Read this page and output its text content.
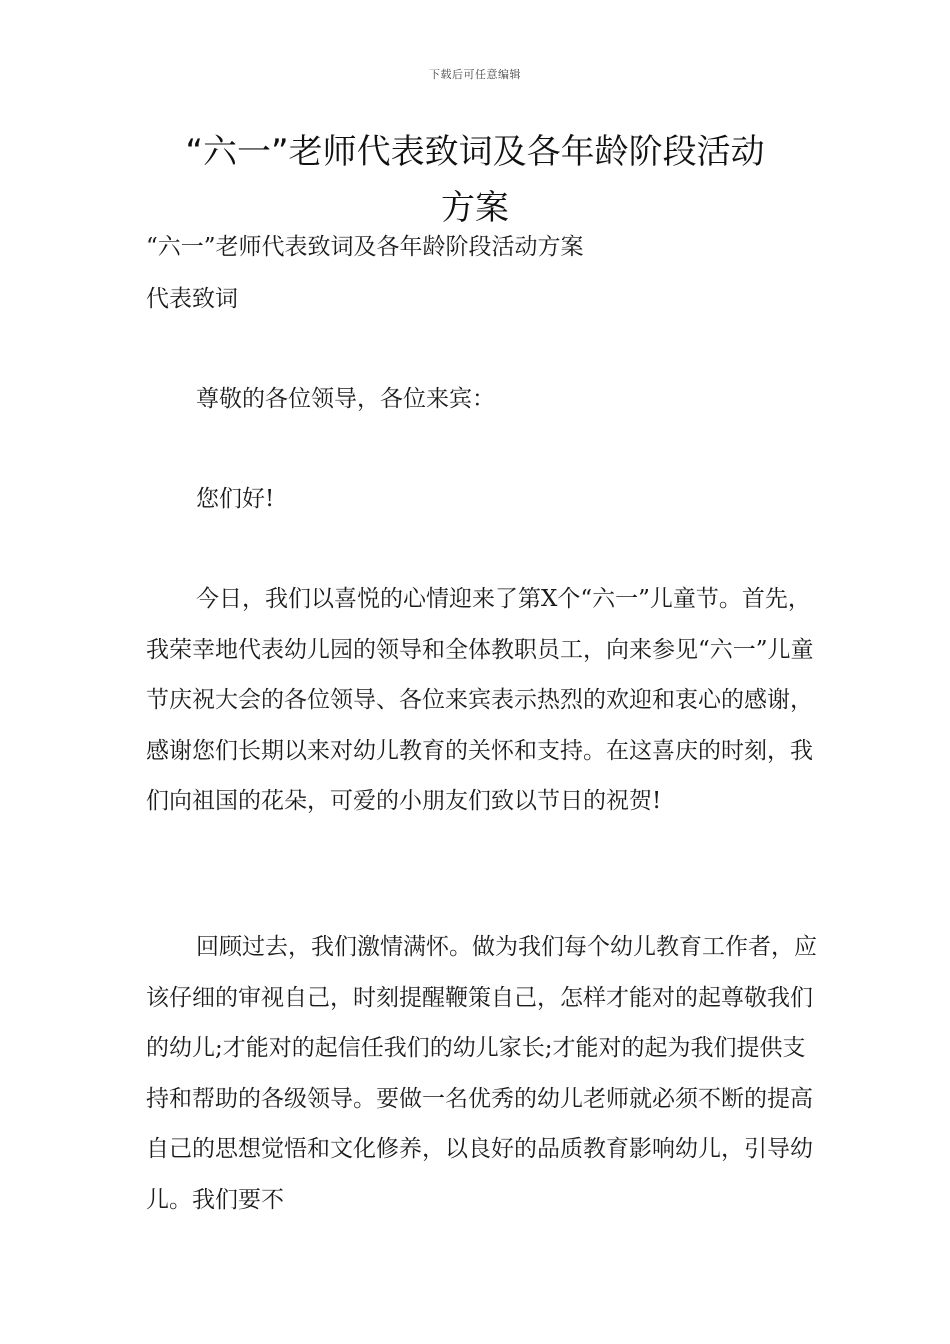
下载后可任意编辑
“六一”老师代表致词及各年龄阶段活动
方案
“六一”老师代表致词及各年龄阶段活动方案
代表致词

尊敬的各位领导，各位来宾：

您们好!

今日，我们以喜悦的心情迎来了第X个“六一”儿童节。首先，我荣幸地代表幼儿园的领导和全体教职员工，向来参见“六一”儿童节庆祝大会的各位领导、各位来宾表示热烈的欢迎和衷心的感谢，感谢您们长期以来对幼儿教育的关怀和支持。在这喜庆的时刻，我们向祖国的花朵，可爱的小朋友们致以节日的祝贺!

回顾过去，我们激情满怀。做为我们每个幼儿教育工作者，应该仔细的审视自己，时刻提醒鞭策自己，怎样才能对的起尊敬我们的幼儿;才能对的起信任我们的幼儿家长;才能对的起为我们提供支持和帮助的各级领导。要做一名优秀的幼儿老师就必须不断的提高自己的思想觉悟和文化修养，以良好的品质教育影响幼儿，引导幼儿。我们要不
